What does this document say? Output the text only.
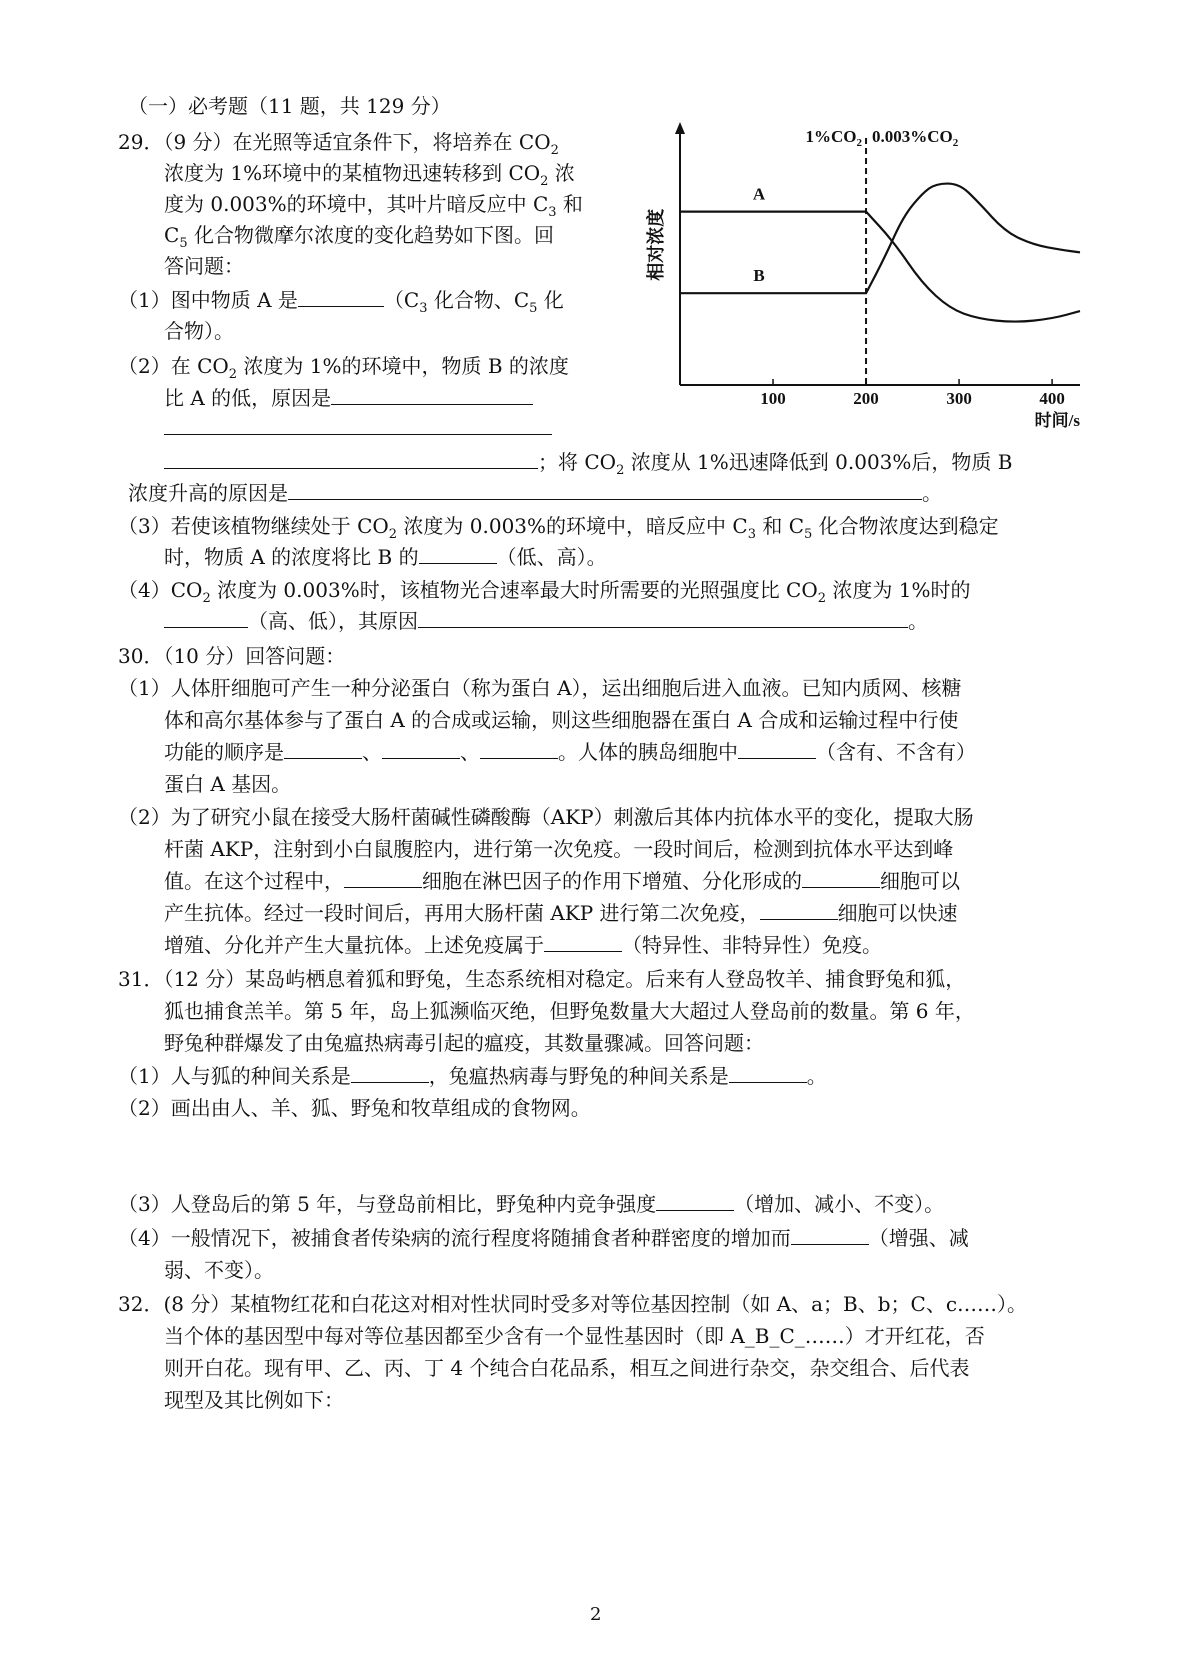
（一）必考题（11 题，共 129 分）
29．（9 分）在光照等适宜条件下，将培养在 $CO_2$
浓度为 1%环境中的某植物迅速转移到 $CO_2$ 浓
度为 0.003%的环境中，其叶片暗反应中 $C_3$ 和
$C_5$ 化合物微摩尔浓度的变化趋势如下图。回
答问题：
（1）图中物质 A 是	（$C_3$ 化合物、$C_5$ 化
合物）。
（2）在 $CO_2$ 浓度为 1%的环境中，物质 B 的浓度
比 A 的低，原因是
；将 $CO_2$ 浓度从 1%迅速降低到 0.003%后，物质 B
浓度升高的原因是	。
（3）若使该植物继续处于 $CO_2$ 浓度为 0.003%的环境中，暗反应中 $C_3$ 和 $C_5$ 化合物浓度达到稳定
时，物质 A 的浓度将比 B 的	（低、高）。
$(4)CO_2$ 浓度为 0.003%时，该植物光合速率最大时所需要的光照强度比 $CO_2$ 浓度为 1%时的
（高、低），其原因	。
100	200	300	400
相对浓度
时间/s
$1\%CO_2$ $0.003\%CO_2$
A
B
30．（10 分）回答问题：
（1）人体肝细胞可产生一种分泌蛋白（称为蛋白 A），运出细胞后进入血液。已知内质网、核糖
体和高尔基体参与了蛋白 A 的合成或运输，则这些细胞器在蛋白 A 合成和运输过程中行使
功能的顺序是	、	、	。人体的胰岛细胞中	（含有、不含有）
蛋白 A 基因。
（2）为了研究小鼠在接受大肠杆菌碱性磷酸酶（AKP）刺激后其体内抗体水平的变化，提取大肠
杆菌 AKP，注射到小白鼠腹腔内，进行第一次免疫。一段时间后，检测到抗体水平达到峰
值。在这个过程中，	细胞在淋巴因子的作用下增殖、分化形成的	细胞可以
产生抗体。经过一段时间后，再用大肠杆菌 AKP 进行第二次免疫，	细胞可以快速
增殖、分化并产生大量抗体。上述免疫属于	（特异性、非特异性）免疫。
31．（12 分）某岛屿栖息着狐和野兔，生态系统相对稳定。后来有人登岛牧羊、捕食野兔和狐，
狐也捕食羔羊。第 5 年，岛上狐濒临灭绝，但野兔数量大大超过人登岛前的数量。第 6 年，
野兔种群爆发了由兔瘟热病毒引起的瘟疫，其数量骤减。回答问题：
（1）人与狐的种间关系是	，兔瘟热病毒与野兔的种间关系是	。
（2）画出由人、羊、狐、野兔和牧草组成的食物网。
（3）人登岛后的第 5 年，与登岛前相比，野兔种内竞争强度	（增加、减小、不变）。
（4）一般情况下，被捕食者传染病的流行程度将随捕食者种群密度的增加而	（增强、减
弱、不变）。
32．(8 分）某植物红花和白花这对相对性状同时受多对等位基因控制（如 A、a；B、b；C、c……）。
当个体的基因型中每对等位基因都至少含有一个显性基因时（即 A_B_C_……）才开红花，否
则开白花。现有甲、乙、丙、丁 4 个纯合白花品系，相互之间进行杂交，杂交组合、后代表
现型及其比例如下：
2
